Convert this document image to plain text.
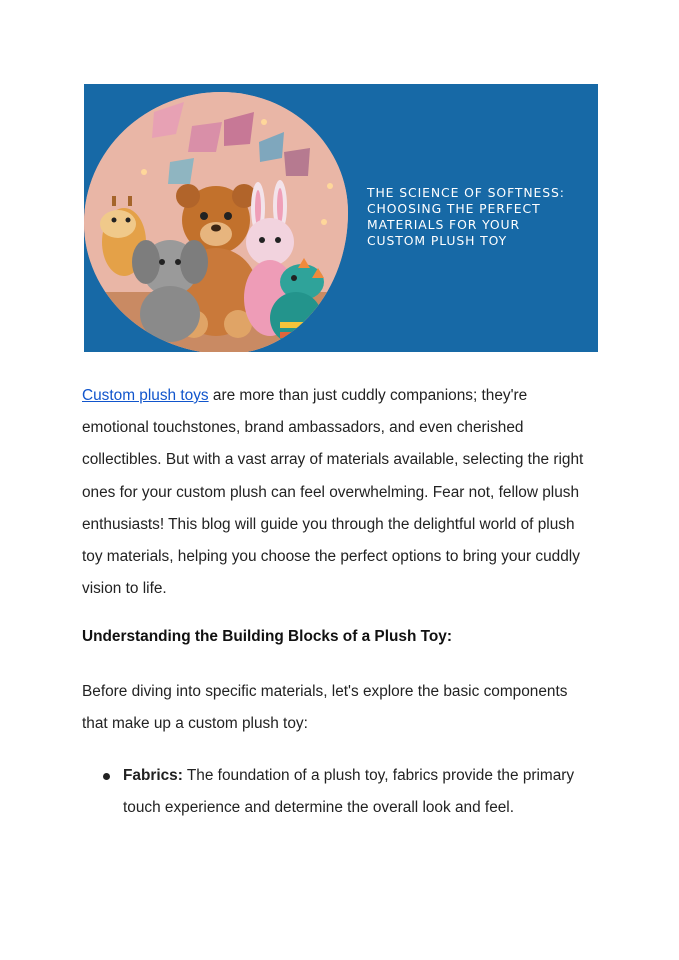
THE SCIENCE OF SOFTNESS:
CHOOSING THE PERFECT
MATERIALS FOR YOUR
CUSTOM PLUSH TOY
Custom plush toys are more than just cuddly companions; they're emotional touchstones, brand ambassadors, and even cherished collectibles. But with a vast array of materials available, selecting the right ones for your custom plush can feel overwhelming. Fear not, fellow plush enthusiasts! This blog will guide you through the delightful world of plush toy materials, helping you choose the perfect options to bring your cuddly vision to life.
Understanding the Building Blocks of a Plush Toy:
Before diving into specific materials, let's explore the basic components that make up a custom plush toy:
Fabrics: The foundation of a plush toy, fabrics provide the primary touch experience and determine the overall look and feel.
